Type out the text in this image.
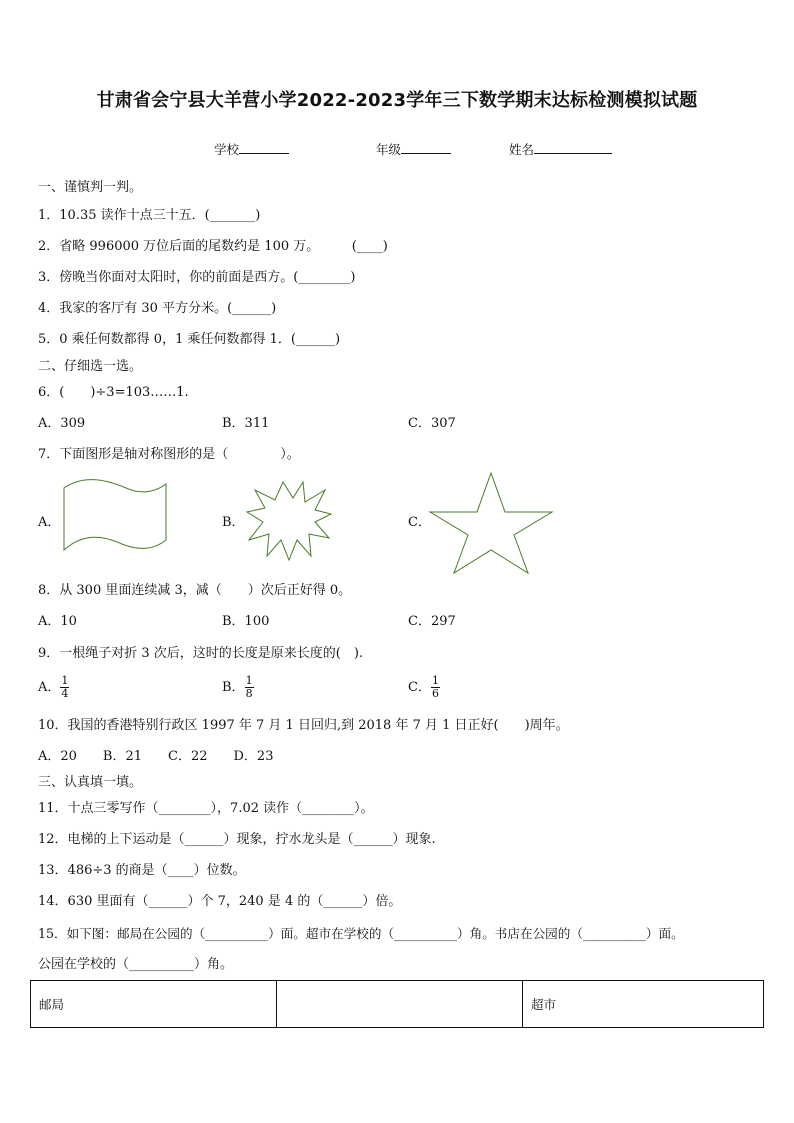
甘肃省会宁县大羊营小学2022-2023学年三下数学期末达标检测模拟试题
学校	年级	姓名
一、谨慎判一判。
1．10.35 读作十点三十五．(_______)
2．省略 996000 万位后面的尾数约是 100 万。　　　(____)
3．傍晚当你面对太阳时，你的前面是西方。(________)
4．我家的客厅有 30 平方分米。(______)
5．0 乘任何数都得 0，1 乘任何数都得 1．(______)
二、仔细选一选。
6．(　　)÷3=103……1.
A．309	B．311	C．307
7．下面图形是轴对称图形的是（　　　　）。
A．	B．	C．
8．从 300 里面连续减 3，减（　　）次后正好得 0。
A．10	B．100	C．297
9．一根绳子对折 3 次后，这时的长度是原来长度的(　).
A． $\frac{1}{4}$	B． $\frac{1}{8}$	C． $\frac{1}{6}$
10．我国的香港特别行政区 1997 年 7 月 1 日回归,到 2018 年 7 月 1 日正好(　　)周年。
A．20　　B．21　　C．22　　D．23
三、认真填一填。
11．十点三零写作（________），7.02 读作（________）。
12．电梯的上下运动是（______）现象，拧水龙头是（______）现象.
13．486÷3 的商是（____）位数。
14．630 里面有（______）个 7，240 是 4 的（______）倍。
15．如下图：邮局在公园的（__________）面。超市在学校的（__________）角。书店在公园的（__________）面。
公园在学校的（__________）角。
邮局		超市
